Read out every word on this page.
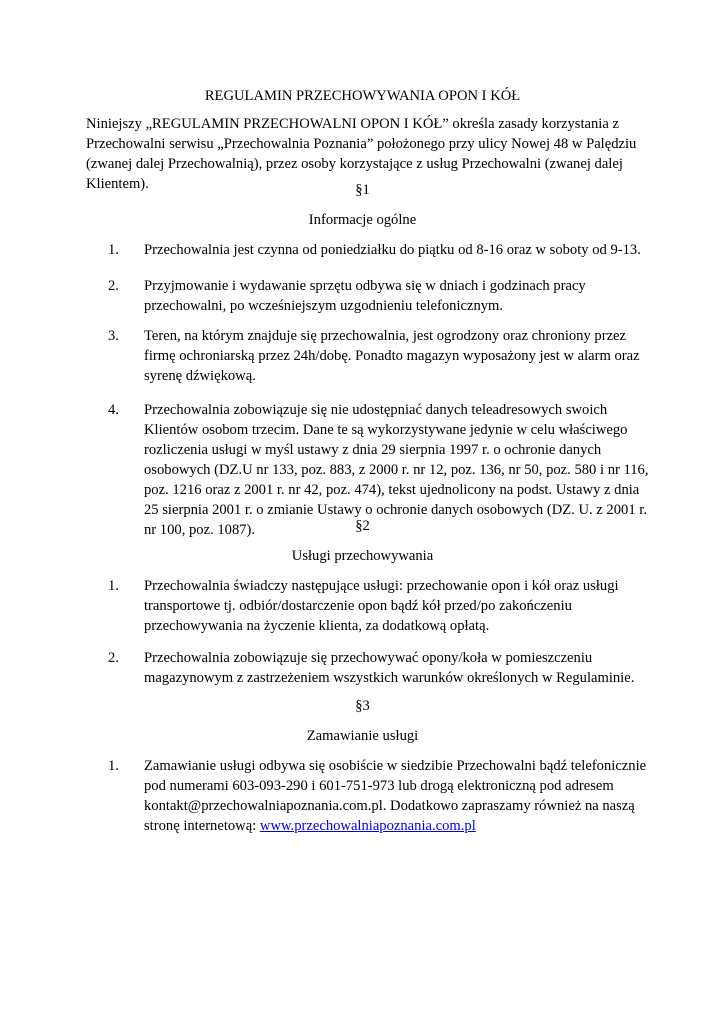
REGULAMIN PRZECHOWYWANIA OPON I KÓŁ
Niniejszy „REGULAMIN PRZECHOWALNI OPON I KÓŁ” określa zasady korzystania z Przechowalni serwisu „Przechowalnia Poznania” położonego przy ulicy Nowej 48 w Palędziu (zwanej dalej Przechowalnią), przez osoby korzystające z usług Przechowalni (zwanej dalej Klientem).	§1
Informacje ogólne
1. Przechowalnia jest czynna od poniedziałku do piątku od 8-16 oraz w soboty od 9-13.
2. Przyjmowanie i wydawanie sprzętu odbywa się w dniach i godzinach pracy przechowalni, po wcześniejszym uzgodnieniu telefonicznym.
3. Teren, na którym znajduje się przechowalnia, jest ogrodzony oraz chroniony przez firmę ochroniarską przez 24h/dobę. Ponadto magazyn wyposażony jest w alarm oraz syrenę dźwiękową.
4. Przechowalnia zobowiązuje się nie udostępniać danych teleadresowych swoich Klientów osobom trzecim. Dane te są wykorzystywane jedynie w celu właściwego rozliczenia usługi w myśl ustawy z dnia 29 sierpnia 1997 r. o ochronie danych osobowych (DZ.U nr 133, poz. 883, z 2000 r. nr 12, poz. 136, nr 50, poz. 580 i nr 116, poz. 1216 oraz z 2001 r. nr 42, poz. 474), tekst ujednolicony na podst. Ustawy z dnia 25 sierpnia 2001 r. o zmianie Ustawy o ochronie danych osobowych (DZ. U. z 2001 r. nr 100, poz. 1087).	§2
Usługi przechowywania
1. Przechowalnia świadczy następujące usługi: przechowanie opon i kół oraz usługi transportowe tj. odbiór/dostarczenie opon bądź kół przed/po zakończeniu przechowywania na życzenie klienta, za dodatkową opłatą.
2. Przechowalnia zobowiązuje się przechowywać opony/koła w pomieszczeniu magazynowym z zastrzeżeniem wszystkich warunków określonych w Regulaminie.
§3
Zamawianie usługi
1. Zamawianie usługi odbywa się osobiście w siedzibie Przechowalni bądź telefonicznie pod numerami 603-093-290 i 601-751-973 lub drogą elektroniczną pod adresem kontakt@przechowalniapoznania.com.pl. Dodatkowo zapraszamy również na naszą stronę internetową: www.przechowalniapoznania.com.pl
